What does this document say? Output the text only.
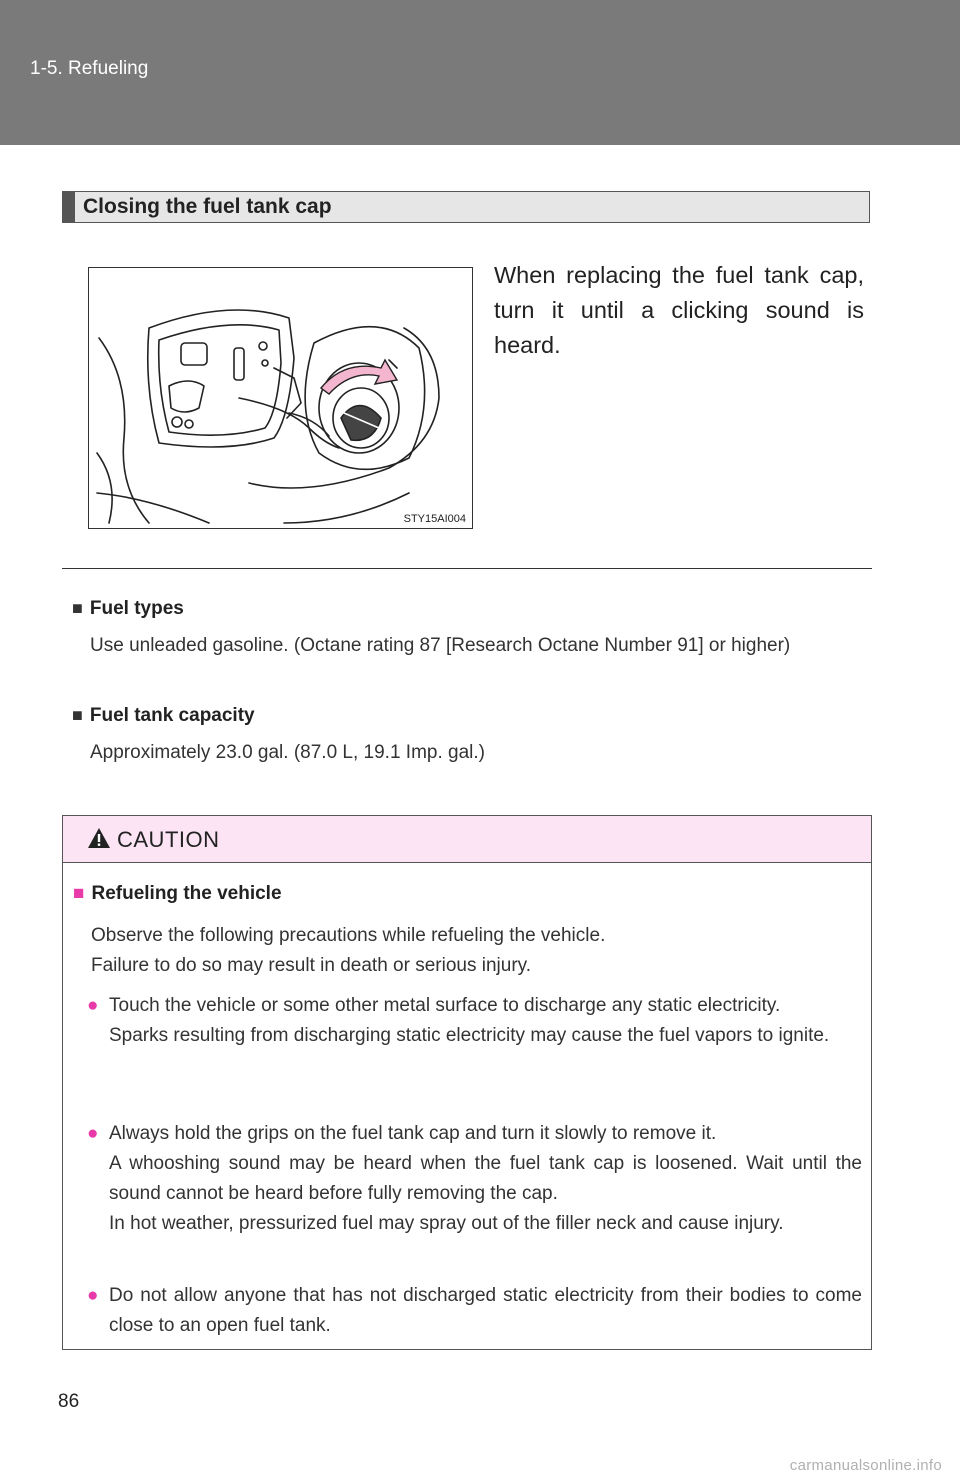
1-5. Refueling
Closing the fuel tank cap
STY15AI004
When replacing the fuel tank cap, turn it until a clicking sound is heard.
■ Fuel types
Use unleaded gasoline. (Octane rating 87 [Research Octane Number 91] or higher)
■ Fuel tank capacity
Approximately 23.0 gal. (87.0 L, 19.1 Imp. gal.)
CAUTION
■ Refueling the vehicle
Observe the following precautions while refueling the vehicle.
Failure to do so may result in death or serious injury.
● Touch the vehicle or some other metal surface to discharge any static electricity.
Sparks resulting from discharging static electricity may cause the fuel vapors to ignite.
● Always hold the grips on the fuel tank cap and turn it slowly to remove it.
A whooshing sound may be heard when the fuel tank cap is loosened. Wait until the sound cannot be heard before fully removing the cap.
In hot weather, pressurized fuel may spray out of the filler neck and cause injury.
● Do not allow anyone that has not discharged static electricity from their bodies to come close to an open fuel tank.
86
carmanualsonline.info
